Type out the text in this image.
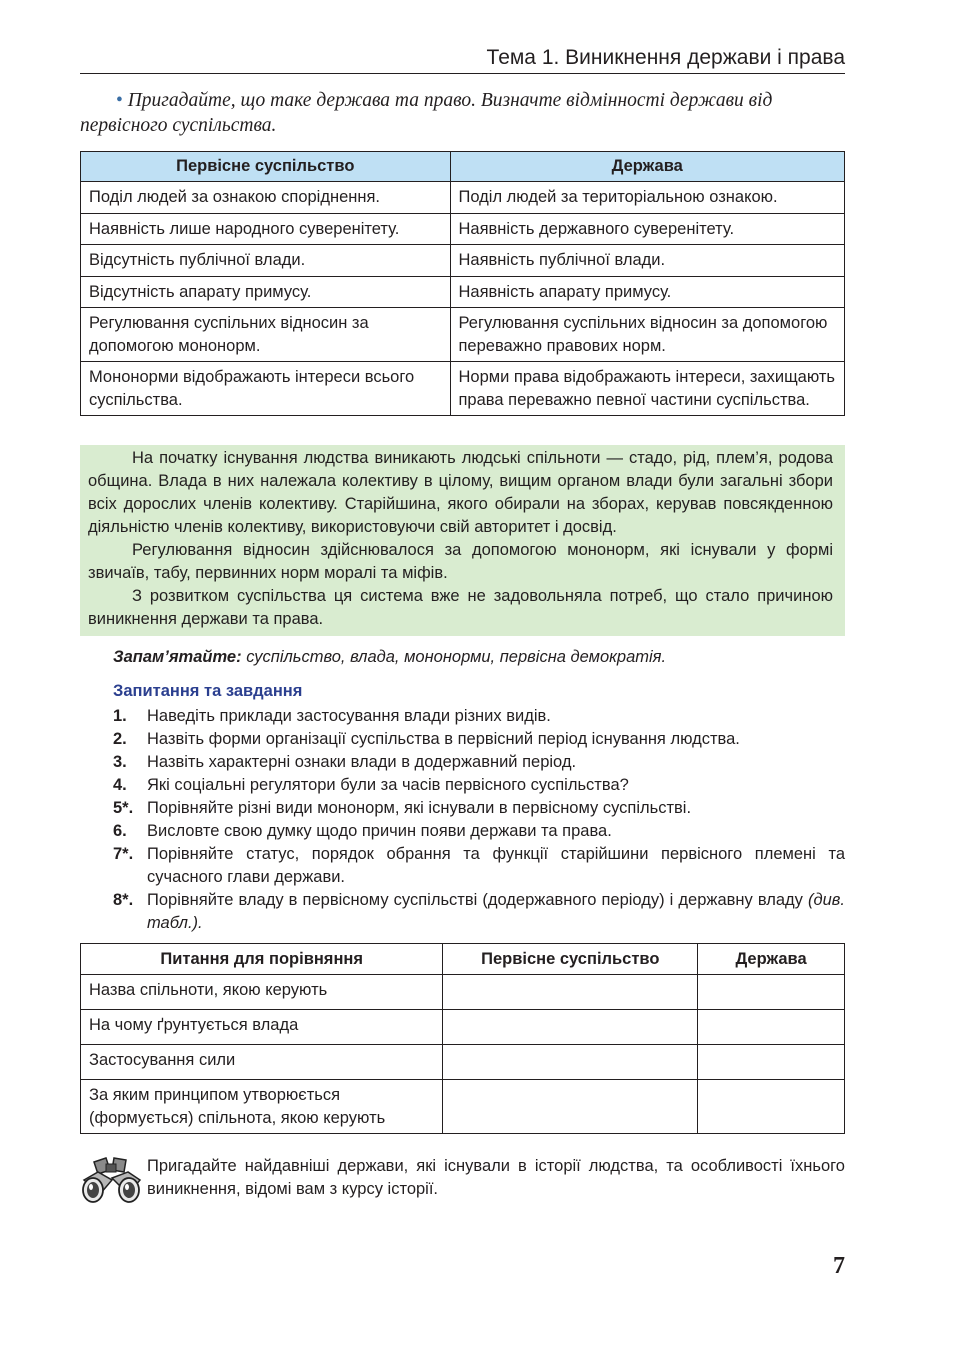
Тема 1. Виникнення держави і права
• Пригадайте, що таке держава та право. Визначте відмінності держави від первісного суспільства.
Первісне суспільство	Держава
Поділ людей за ознакою споріднення.	Поділ людей за територіальною ознакою.
Наявність лише народного суверенітету.	Наявність державного суверенітету.
Відсутність публічної влади.	Наявність публічної влади.
Відсутність апарату примусу.	Наявність апарату примусу.
Регулювання суспільних відносин за допомогою мононорм.	Регулювання суспільних відносин за допомогою переважно правових норм.
Мононорми відображають інтереси всього суспільства.	Норми права відображають інтереси, захищають права переважно певної частини суспільства.

На початку існування людства виникають людські спільноти — стадо, рід, плем’я, родова община. Влада в них належала колективу в цілому, вищим органом влади були загальні збори всіх дорослих членів колективу. Старійшина, якого обирали на зборах, керував повсякденною діяльністю членів колективу, використовуючи свій авторитет і досвід.

Регулювання відносин здійснювалося за допомогою мононорм, які існували у формі звичаїв, табу, первинних норм моралі та міфів.

З розвитком суспільства ця система вже не задовольняла потреб, що стало причиною виникнення держави та права.

Запам’ятайте: суспільство, влада, мононорми, первісна демократія.
Запитання та завдання
1.	Наведіть приклади застосування влади різних видів.
2.	Назвіть форми організації суспільства в первісний період існування людства.
3.	Назвіть характерні ознаки влади в додержавний період.
4.	Які соціальні регулятори були за часів первісного суспільства?
5*. Порівняйте різні види мононорм, які існували в первісному суспільстві.
6.	Висловте свою думку щодо причин появи держави та права.
7*. Порівняйте статус, порядок обрання та функції старійшини первісного племені та сучасного глави держави.
8*. Порівняйте владу в первісному суспільстві (додержавного періоду) і державну владу (див. табл.).
Питання для порівняння	Первісне суспільство	Держава
Назва спільноти, якою керують		
На чому ґрунтується влада		
Застосування сили		
За яким принципом утворюється (формується) спільнота, якою керують		
Пригадайте найдавніші держави, які існували в історії людства, та особливості їхнього виникнення, відомі вам з курсу історії.
7
